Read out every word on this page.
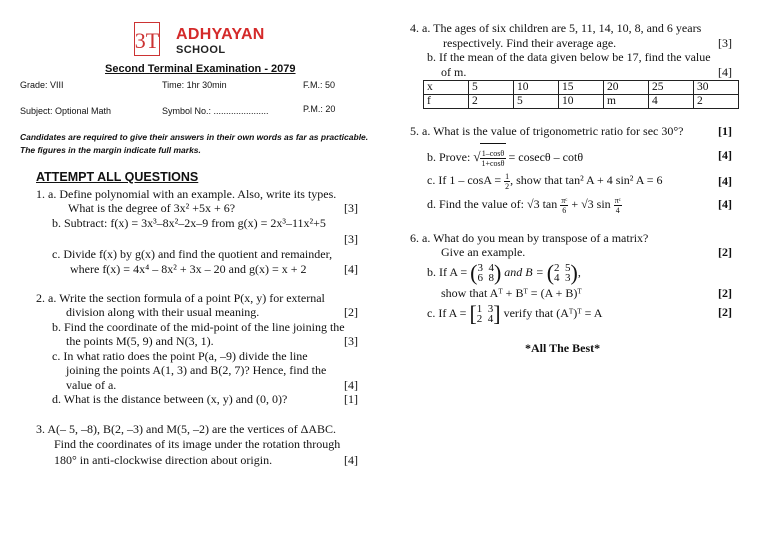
3T ADHYAYAN
SCHOOL
Second Terminal Examination - 2079
Grade: VIII	Time: 1hr 30min	F.M.: 50
Subject: Optional Math	Symbol No.: ......................	P.M.: 20
Candidates are required to give their answers in their own words as far as practicable. The figures in the margin indicate full marks.
ATTEMPT ALL QUESTIONS
1. a. Define polynomial with an example. Also, write its types.
What is the degree of 3x² +5x + 6?	[3]
b. Subtract: f(x) = 3x³–8x²–2x–9 from g(x) = 2x³–11x²+5
[3]
c. Divide f(x) by g(x) and find the quotient and remainder,
where f(x) = 4x⁴ – 8x² + 3x – 20 and g(x) = x + 2	[4]
2. a. Write the section formula of a point P(x, y) for external
division along with their usual meaning.	[2]
b. Find the coordinate of the mid-point of the line joining the
the points M(5, 9) and N(3, 1).	[3]
c. In what ratio does the point P(a, –9) divide the line
joining the points A(1, 3) and B(2, 7)? Hence, find the
value of a.	[4]
d. What is the distance between (x, y) and (0, 0)?	[1]
3. A(– 5, –8), B(2, –3) and M(5, –2) are the vertices of ΔABC.
Find the coordinates of its image under the rotation through
180° in anti-clockwise direction about origin.	[4]
4. a. The ages of six children are 5, 11, 14, 10, 8, and 6 years
respectively. Find their average age.	[3]
b. If the mean of the data given below be 17, find the value
of m.	[4]
x	5	10	15	20	25	30
f	2	5	10	m	4	2
5. a. What is the value of trigonometric ratio for sec 30°?	[1]
b. Prove: √ $\frac{1-\cos\theta}{1+\cos\theta} = cosec\theta - \cot\theta$	[4]
c. If $1 - \cos A = \frac{1}{2}$ , show that tan² A + 4 sin² A = 6	[4]
d. Find the value of: √3 $\tan \frac{\text{πᶜ}}{6} + √3$ $\sin \frac{\text{πᶜ}}{4}$	[4]
6. a. What do you mean by transpose of a matrix?
Give an example.	[2]
b. If A = (3 4
6 8) and B = (2 5
4 3),
show that Aᵀ + Bᵀ = (A + B)ᵀ	[2]
c. If A = [1 3
2 4] verify that (Aᵀ)ᵀ = A	[2]
*All The Best*
